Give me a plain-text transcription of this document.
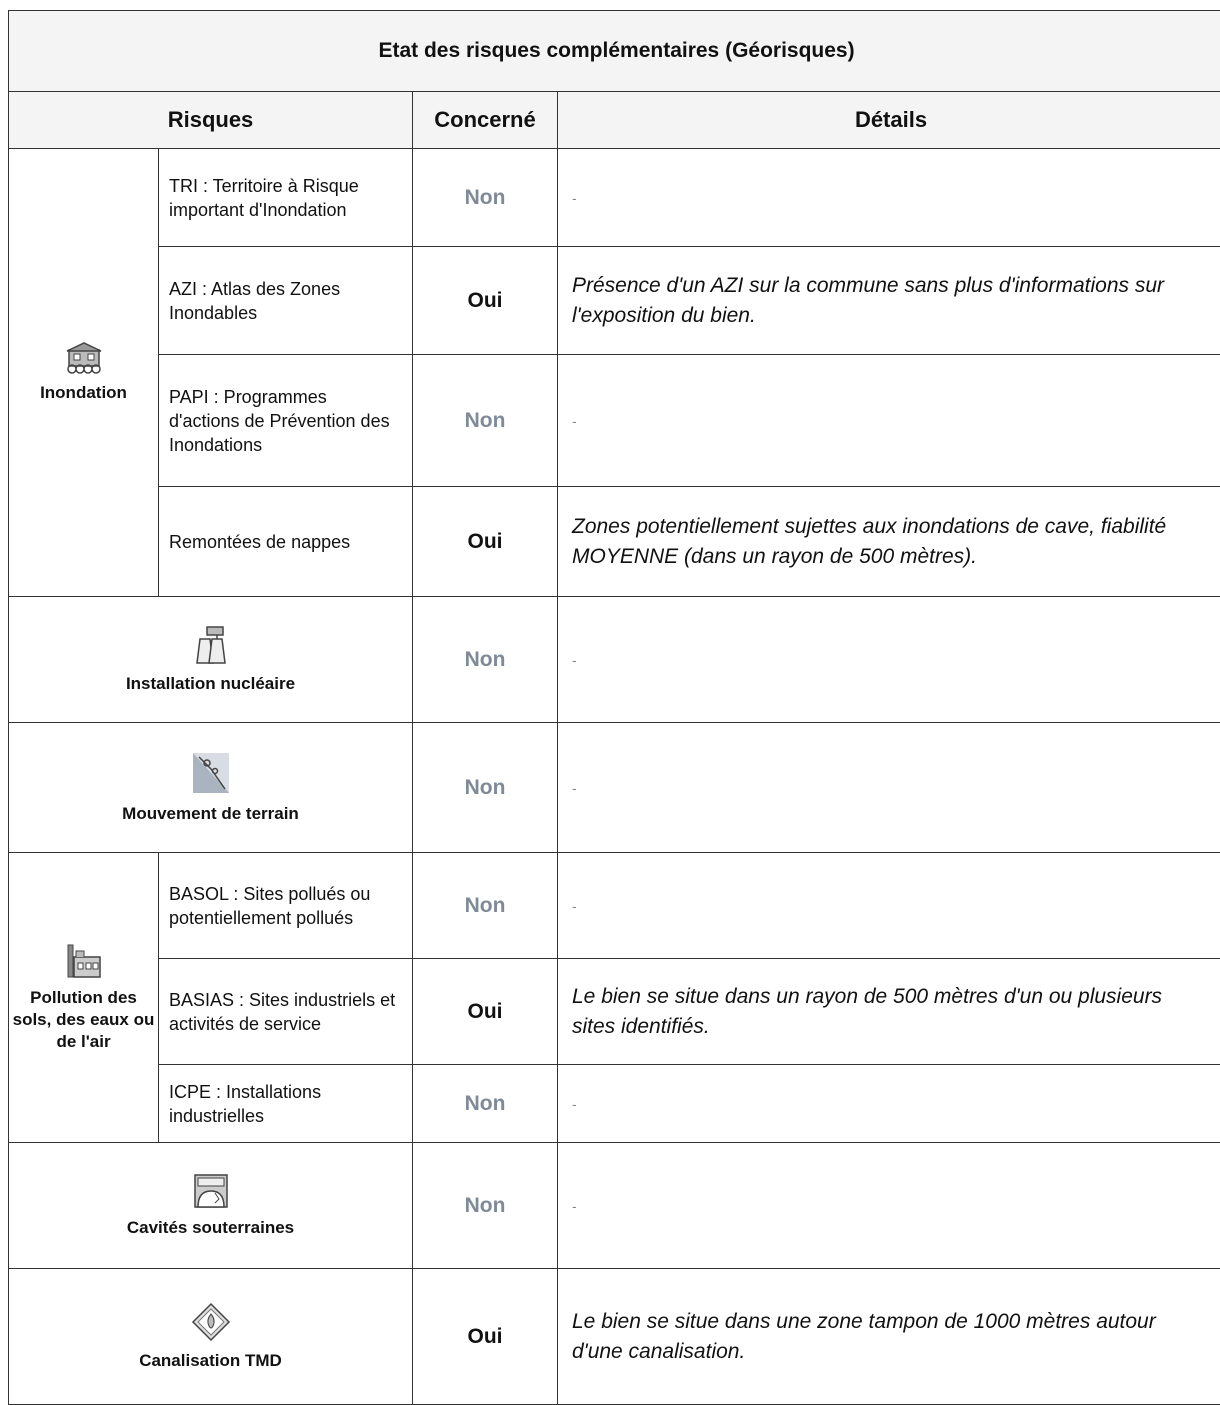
Etat des risques complémentaires (Géorisques)			
Risques		Concerné	Détails

Inondation	TRI : Territoire à Risque important d'Inondation	Non	-
	AZI : Atlas des Zones Inondables	Oui	Présence d'un AZI sur la commune sans plus d'informations sur l'exposition du bien.
	PAPI : Programmes d'actions de Prévention des Inondations	Non	-
	Remontées de nappes	Oui	Zones potentiellement sujettes aux inondations de cave, fiabilité MOYENNE (dans un rayon de 500 mètres).

Installation nucléaire		Non	-

Mouvement de terrain		Non	-

Pollution des sols, des eaux ou de l'air	BASOL : Sites pollués ou potentiellement pollués	Non	-
	BASIAS : Sites industriels et activités de service	Oui	Le bien se situe dans un rayon de 500 mètres d'un ou plusieurs sites identifiés.
	ICPE : Installations industrielles	Non	-

Cavités souterraines		Non	-

Canalisation TMD		Oui	Le bien se situe dans une zone tampon de 1000 mètres autour d'une canalisation.
